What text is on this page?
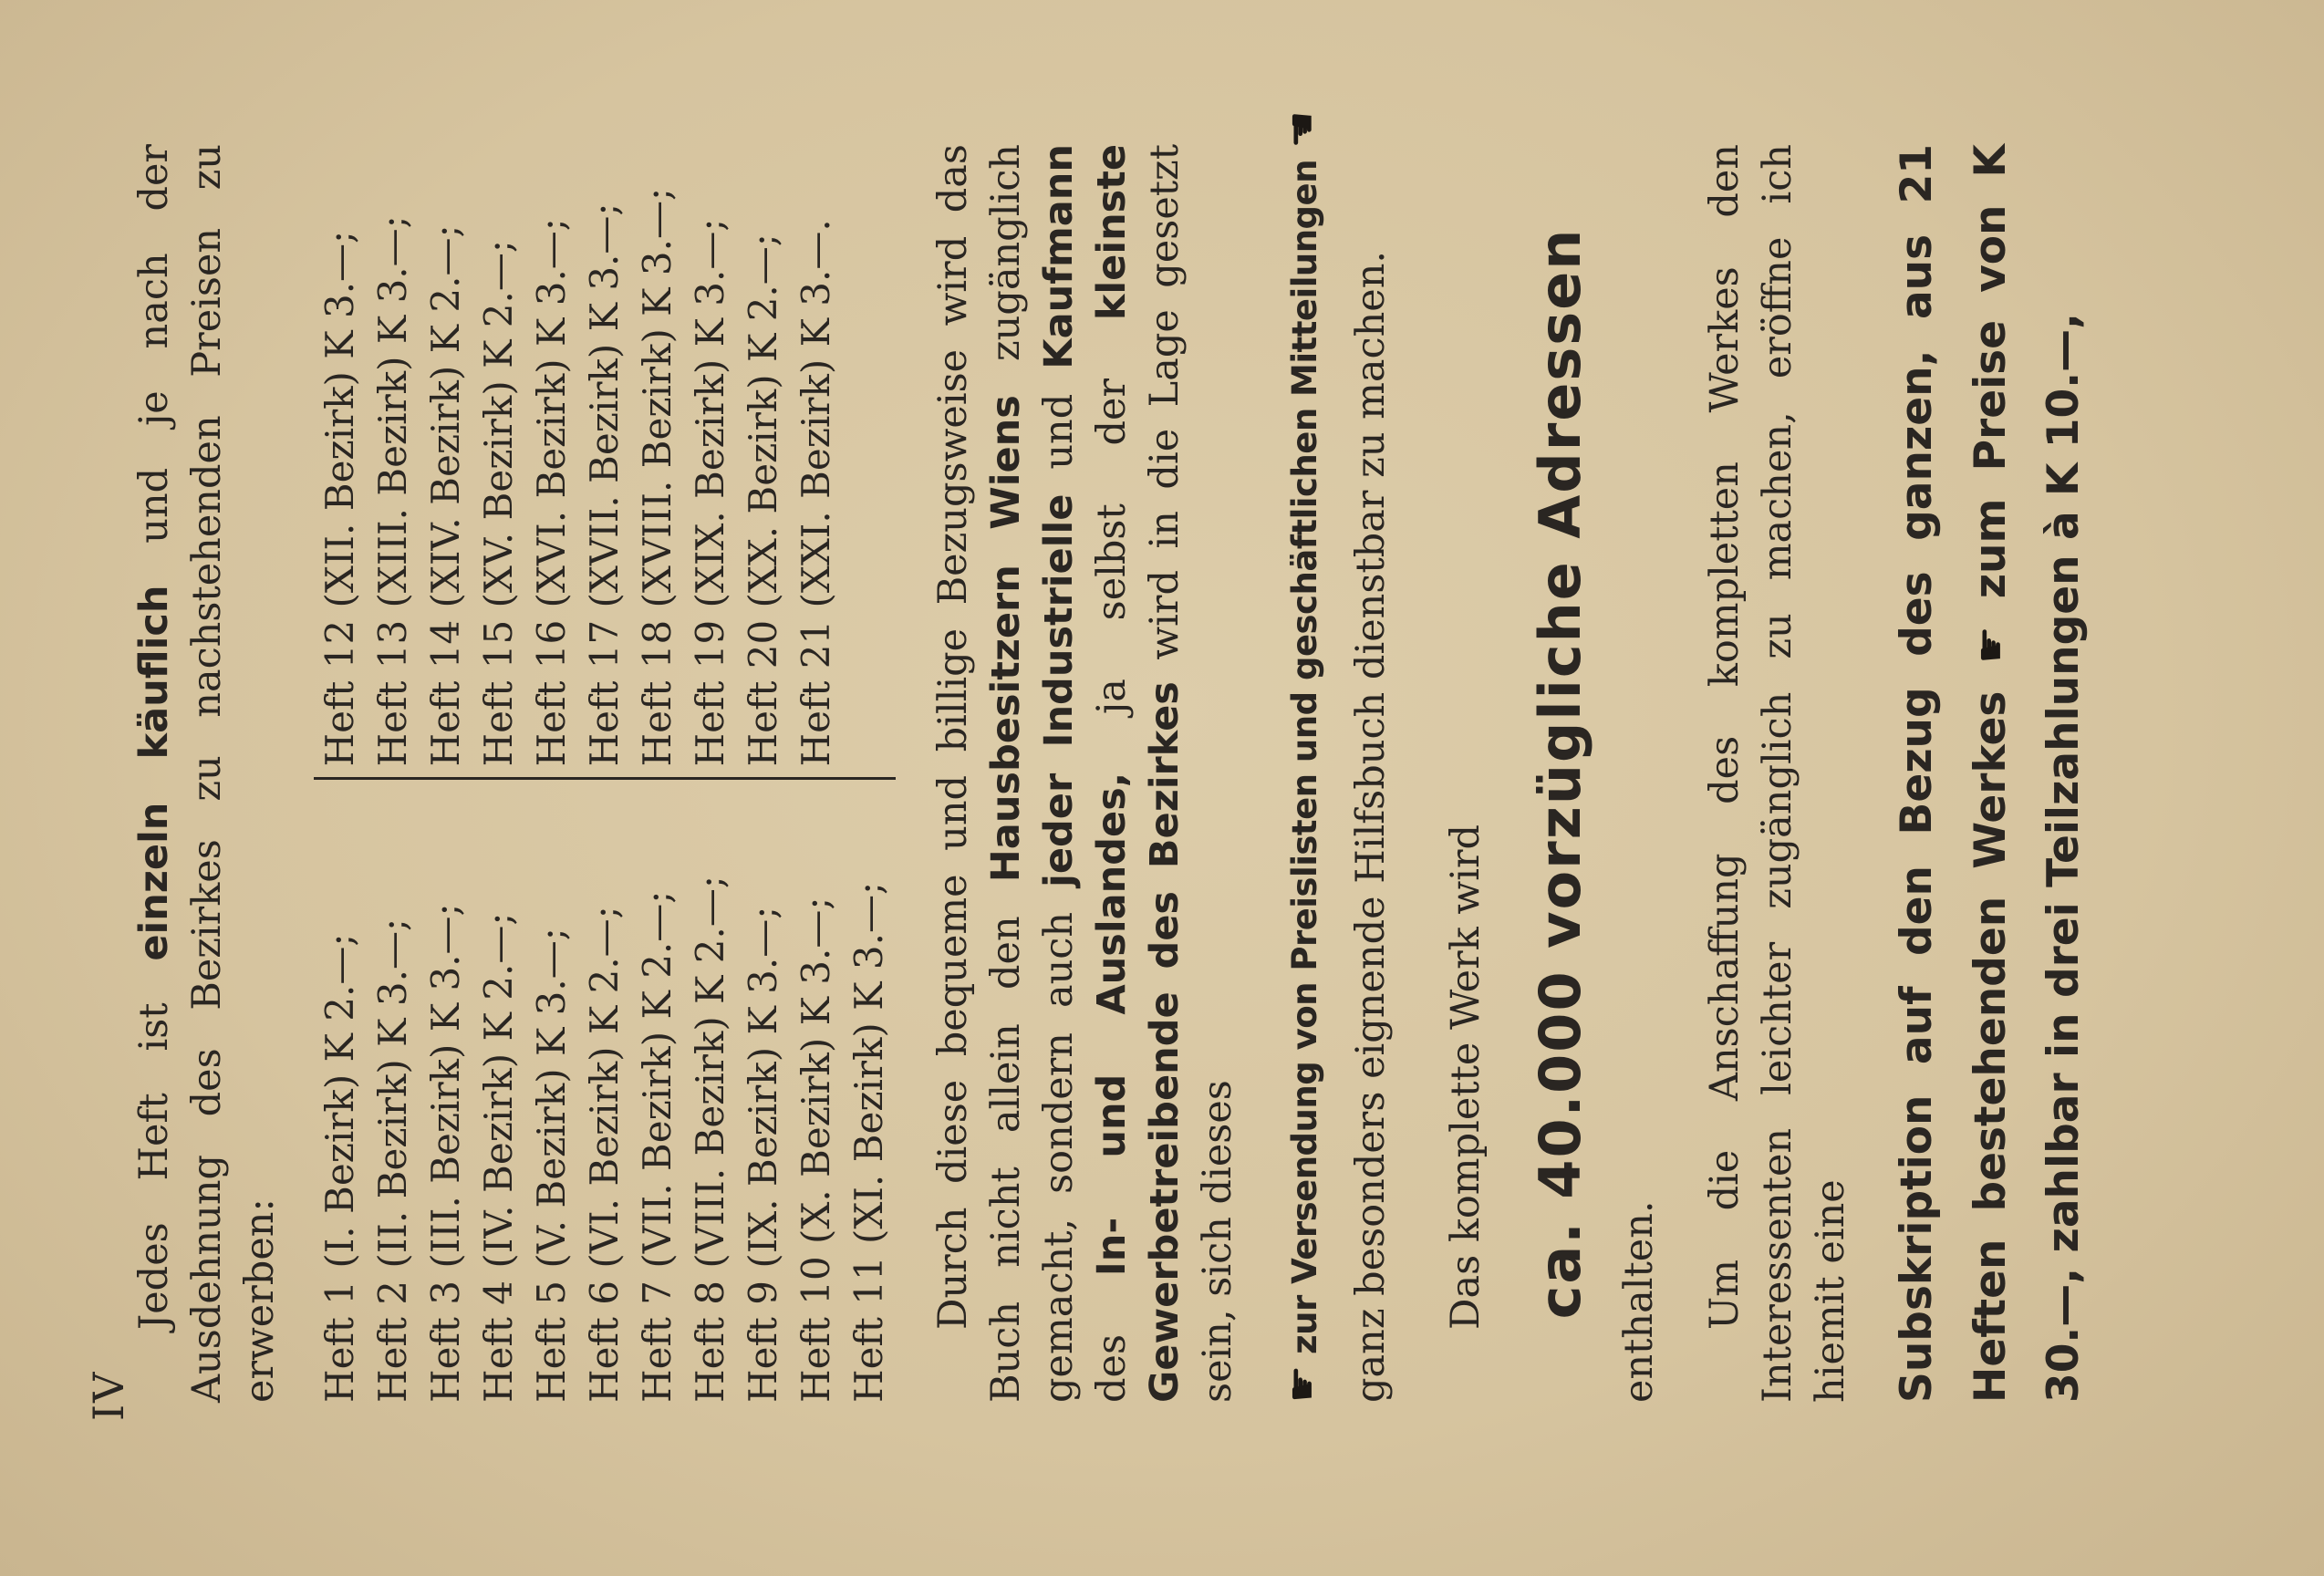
IV

Jedes Heft ist einzeln käuflich und je nach der Ausdehnung des Bezirkes zu nachstehenden Preisen zu erwerben: Heft 1 (I. Bezirk) K 2.—; Heft 2 (II. Bezirk) K 3.—; Heft 3 (III. Bezirk) K 3.—; Heft 4 (IV. Bezirk) K 2.—; Heft 5 (V. Bezirk) K 3.—; Heft 6 (VI. Bezirk) K 2.—; Heft 7 (VII. Bezirk) K 2.—; Heft 8 (VIII. Bezirk) K 2.—; Heft 9 (IX. Bezirk) K 3.—; Heft 10 (X. Bezirk) K 3.—; Heft 11 (XI. Bezirk) K 3.—;
Heft 12 (XII. Bezirk) K 3.—; Heft 13 (XIII. Bezirk) K 3.—; Heft 14 (XIV. Bezirk) K 2.—; Heft 15 (XV. Bezirk) K 2.—; Heft 16 (XVI. Bezirk) K 3.—; Heft 17 (XVII. Bezirk) K 3.—; Heft 18 (XVIII. Bezirk) K 3.—; Heft 19 (XIX. Bezirk) K 3.—; Heft 20 (XX. Bezirk) K 2.—; Heft 21 (XXI. Bezirk) K 3.—. Durch diese bequeme und billige Bezugsweise wird das Buch nicht allein den Hausbesitzern Wiens zugänglich gemacht, sondern auch jeder Industrielle und Kaufmann des In- und Auslandes, ja selbst der kleinste Gewerbetreibende des Bezirkes wird in die Lage gesetzt sein, sich dieses ☛ zur Versendung von Preislisten und geschäftlichen Mitteilungen ☚

ganz besonders eignende Hilfsbuch dienstbar zu machen. Das komplette Werk wird ca. 40.000 vorzügliche Adressen enthalten. Um die Anschaffung des kompletten Werkes den Interessenten leichter zugänglich zu machen, eröffne ich hiemit eine Subskription auf den Bezug des ganzen, aus 21 Heften bestehenden Werkes ☛ zum Preise von K 30.—, zahlbar in drei Teilzahlungen à K 10.—,
